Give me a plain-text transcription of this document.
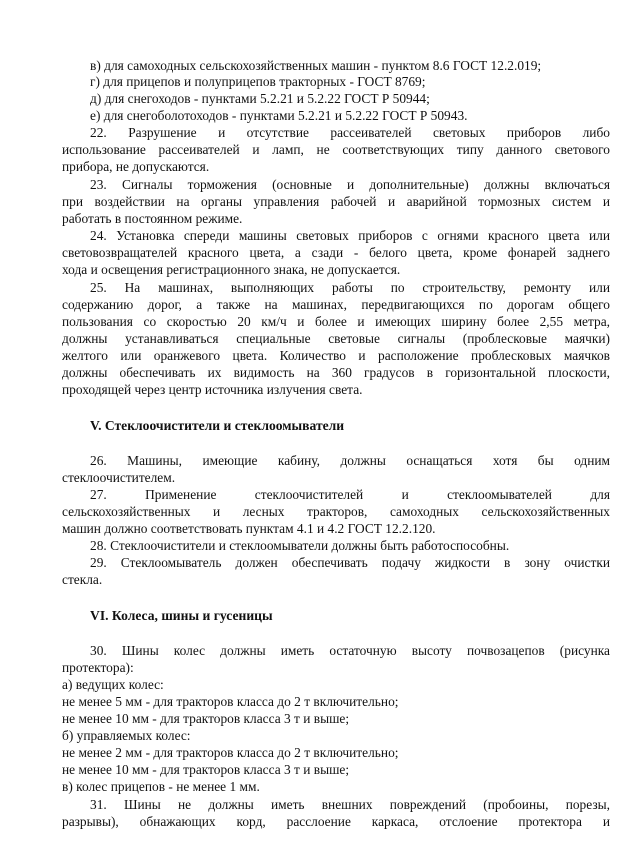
в) для самоходных сельскохозяйственных машин - пунктом 8.6 ГОСТ 12.2.019;
г) для прицепов и полуприцепов тракторных - ГОСТ 8769;
д) для снегоходов - пунктами 5.2.21 и 5.2.22 ГОСТ Р 50944;
е) для снегоболотоходов - пунктами 5.2.21 и 5.2.22 ГОСТ Р 50943.
22. Разрушение и отсутствие рассеивателей световых приборов либо
использование рассеивателей и ламп, не соответствующих типу данного светового
прибора, не допускаются.
23. Сигналы торможения (основные и дополнительные) должны включаться
при воздействии на органы управления рабочей и аварийной тормозных систем и
работать в постоянном режиме.
24. Установка спереди машины световых приборов с огнями красного цвета или
световозвращателей красного цвета, а сзади - белого цвета, кроме фонарей заднего
хода и освещения регистрационного знака, не допускается.
25. На машинах, выполняющих работы по строительству, ремонту или
содержанию дорог, а также на машинах, передвигающихся по дорогам общего
пользования со скоростью 20 км/ч и более и имеющих ширину более 2,55 метра,
должны устанавливаться специальные световые сигналы (проблесковые маячки)
желтого или оранжевого цвета. Количество и расположение проблесковых маячков
должны обеспечивать их видимость на 360 градусов в горизонтальной плоскости,
проходящей через центр источника излучения света.
V. Стеклоочистители и стеклоомыватели
26. Машины, имеющие кабину, должны оснащаться хотя бы одним
стеклоочистителем.
27. Применение стеклоочистителей и стеклоомывателей для
сельскохозяйственных и лесных тракторов, самоходных сельскохозяйственных
машин должно соответствовать пунктам 4.1 и 4.2 ГОСТ 12.2.120.
28. Стеклоочистители и стеклоомыватели должны быть работоспособны.
29. Стеклоомыватель должен обеспечивать подачу жидкости в зону очистки
стекла.
VI. Колеса, шины и гусеницы
30. Шины колес должны иметь остаточную высоту почвозацепов (рисунка
протектора):
а) ведущих колес:
не менее 5 мм - для тракторов класса до 2 т включительно;
не менее 10 мм - для тракторов класса 3 т и выше;
б) управляемых колес:
не менее 2 мм - для тракторов класса до 2 т включительно;
не менее 10 мм - для тракторов класса 3 т и выше;
в) колес прицепов - не менее 1 мм.
31. Шины не должны иметь внешних повреждений (пробоины, порезы,
разрывы), обнажающих корд, расслоение каркаса, отслоение протектора и
